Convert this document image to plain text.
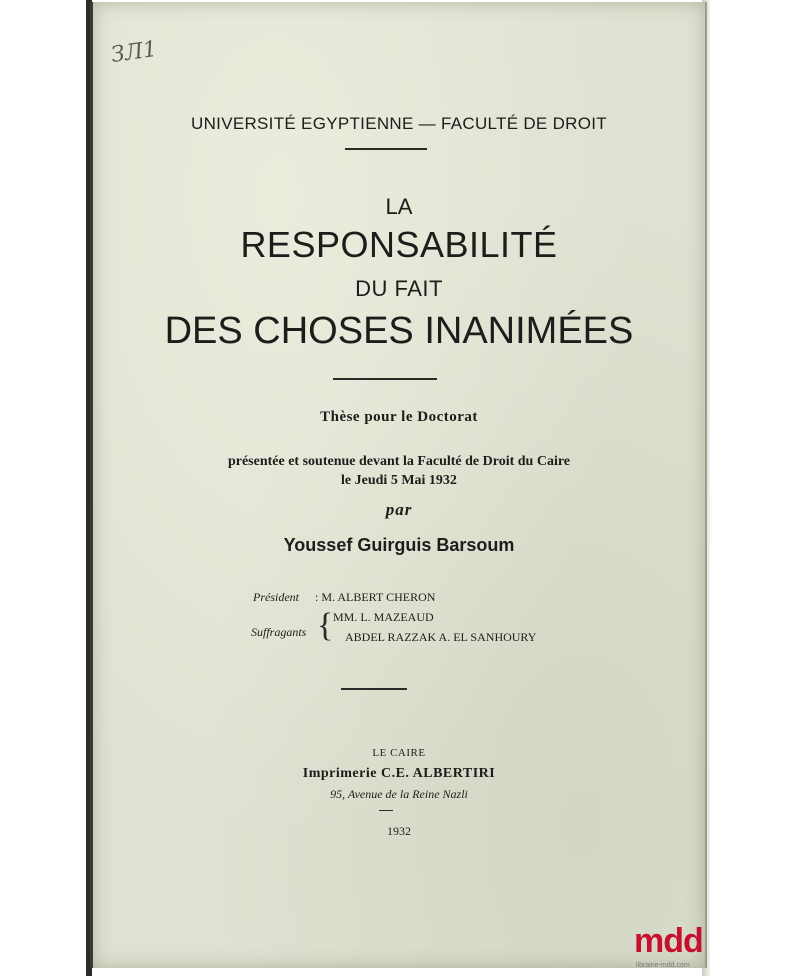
ЗЛ1
UNIVERSITÉ EGYPTIENNE — FACULTÉ DE DROIT
LA
RESPONSABILITÉ
DU FAIT
DES CHOSES INANIMÉES
Thèse pour le Doctorat
présentée et soutenue devant la Faculté de Droit du Caire
le Jeudi 5 Mai 1932
par
Youssef Guirguis Barsoum
Président : M. ALBERT CHERON
Suffragants { MM. L. MAZEAUD
ABDEL RAZZAK A. EL SANHOURY
LE CAIRE
Imprimerie C.E. ALBERTIRI
95, Avenue de la Reine Nazli
1932
mdd
librairie-mdd.com
